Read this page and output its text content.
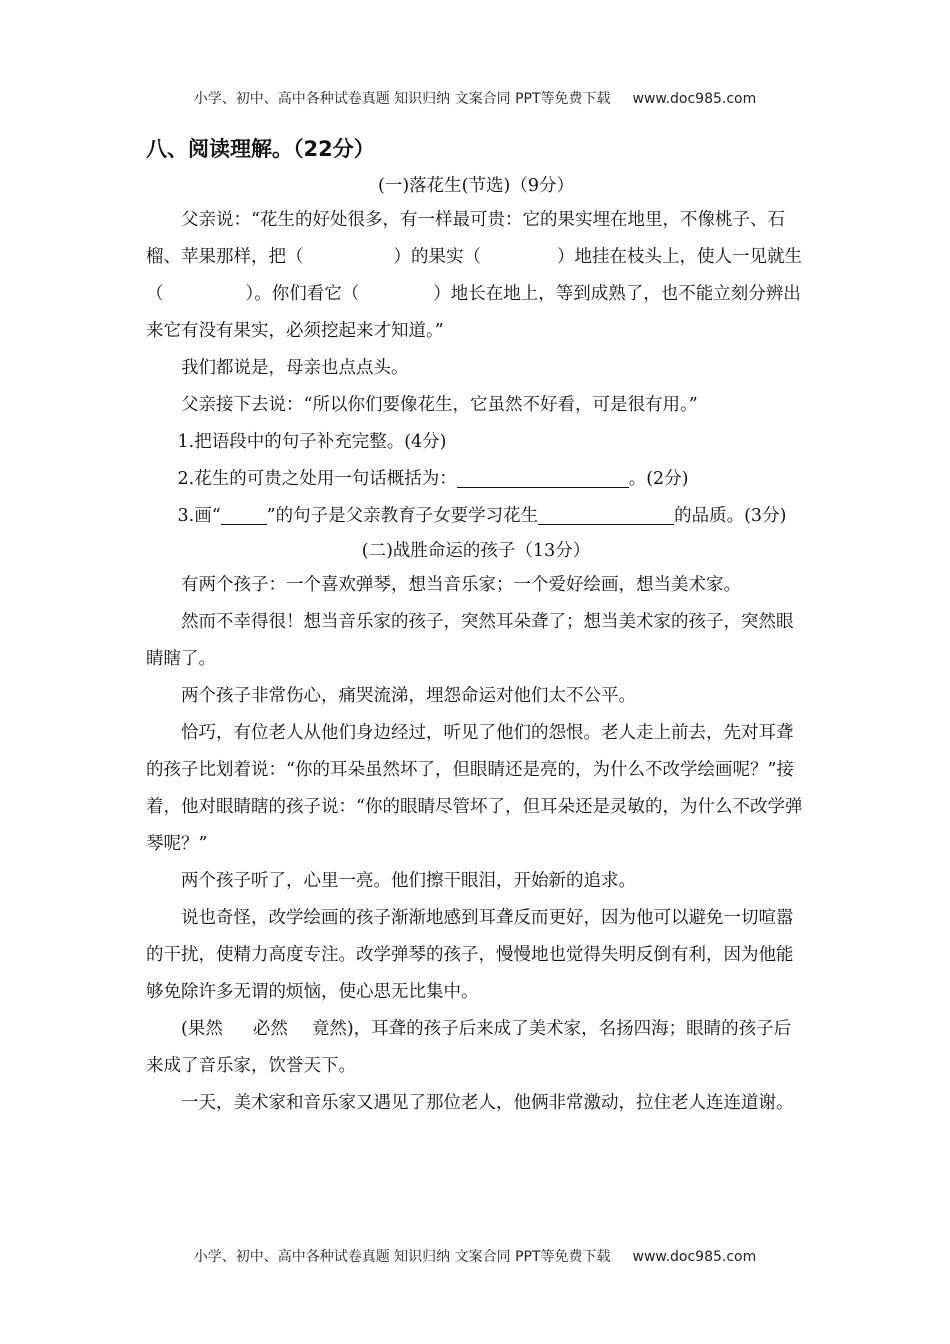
小学、初中、高中各种试卷真题 知识归纳 文案合同 PPT等免费下载 www.doc985.com
八、阅读理解。（22分）
(一)落花生(节选)（9分）

父亲说：“花生的好处很多，有一样最可贵：它的果实埋在地里，不像桃子、石榴、苹果那样，把（	）的果实（	）地挂在枝头上，使人一见就生（	）。你们看它（	）地长在地上，等到成熟了，也不能立刻分辨出来它有没有果实，必须挖起来才知道。”

我们都说是，母亲也点点头。

父亲接下去说：“所以你们要像花生，它虽然不好看，可是很有用。”

1.把语段中的句子补充完整。(4分)

2.花生的可贵之处用一句话概括为：	。(2分)

3.画“	”的句子是父亲教育子女要学习花生	的品质。(3分)

(二)战胜命运的孩子（13分）

有两个孩子：一个喜欢弹琴，想当音乐家；一个爱好绘画，想当美术家。

然而不幸得很！想当音乐家的孩子，突然耳朵聋了；想当美术家的孩子，突然眼睛瞎了。

两个孩子非常伤心，痛哭流涕，埋怨命运对他们太不公平。

恰巧，有位老人从他们身边经过，听见了他们的怨恨。老人走上前去，先对耳聋的孩子比划着说：“你的耳朵虽然坏了，但眼睛还是亮的，为什么不改学绘画呢？”接着，他对眼睛瞎的孩子说：“你的眼睛尽管坏了，但耳朵还是灵敏的，为什么不改学弹琴呢？”

两个孩子听了，心里一亮。他们擦干眼泪，开始新的追求。

说也奇怪，改学绘画的孩子渐渐地感到耳聋反而更好，因为他可以避免一切喧嚣的干扰，使精力高度专注。改学弹琴的孩子，慢慢地也觉得失明反倒有利，因为他能够免除许多无谓的烦恼，使心思无比集中。

(果然 必然 竟然)，耳聋的孩子后来成了美术家，名扬四海；眼睛的孩子后来成了音乐家，饮誉天下。

一天，美术家和音乐家又遇见了那位老人，他俩非常激动，拉住老人连连道谢。

小学、初中、高中各种试卷真题 知识归纳 文案合同 PPT等免费下载 www.doc985.com
